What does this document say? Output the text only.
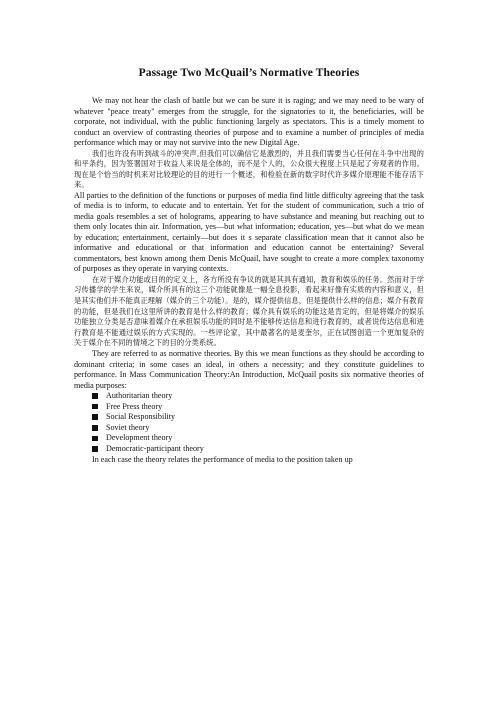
Passage Two McQuail’s Normative Theories

We may not hear the clash of battle but we can be sure it is raging; and we may need to be wary of whatever "peace treaty" emerges from the struggle, for the signatories to it, the beneficiaries, will be corporate, not individual, with the public functioning largely as spectators. This is a timely moment to conduct an overview of contrasting theories of purpose and to examine a number of principles of media performance which may or may not survive into the new Digital Age.

我们也许没有听到战斗的冲突声,但我们可以确信它是激烈的，并且我们需要当心任何在斗争中出现的和平条约，因为签署国对于收益人来说是全体的，而不是个人的，公众很大程度上只是起了旁观者的作用。现在是个恰当的时机来对比较理论的目的进行一个概述，和检验在新的数字时代许多媒介原理能不能存活下来。

All parties to the definition of the functions or purposes of media find little difficulty agreeing that the task of media is to inform, to educate and to entertain. Yet for the student of communication, such a trio of media goals resembles a set of holograms, appearing to have substance and meaning but reaching out to them only locates thin air. Information, yes—but what information; education, yes—but what do we mean by education; entertainment, certainly—but does it s separate classification mean that it cannot also be informative and educational or that information and education cannot be entertaining? Several commentators, best known among them Denis McQuail, have sought to create a more complex taxonomy of purposes as they operate in varying contexts.

在对于媒介功能或目的的定义上，各方所没有争议的就是其具有通知，教育和娱乐的任务。然而对于学习传播学的学生来说，媒介所具有的这三个功能就像是一幅全息投影，看起来好像有实质的内容和意义，但是其实他们并不能真正理解（媒介的三个功能）。是的，媒介提供信息，但是提供什么样的信息；媒介有教育的功能，但是我们在这里所讲的教育是什么样的教育；媒介具有娱乐的功能这是肯定的，但是将媒介的娱乐功能独立分类是否意味着媒介在承担娱乐功能的同时是不能够传达信息和进行教育的，或者说传达信息和进行教育是不能通过娱乐的方式实现的。一些评论家，其中最著名的是麦奎尔，正在试图创造一个更加复杂的关于媒介在不同的情境之下的目的分类系统。

They are referred to as normative theories. By this we mean functions as they should be according to dominant criteria; in some cases an ideal, in others a necessity; and they constitute guidelines to performance. In Mass Communication Theory:An Introduction, McQuail posits six normative theories of media purposes:

Authoritarian theory
Free Press theory
Social Responsibility
Soviet theory
Development theory
Democratic-participant theory

In each case the theory relates the performance of media to the position taken up
